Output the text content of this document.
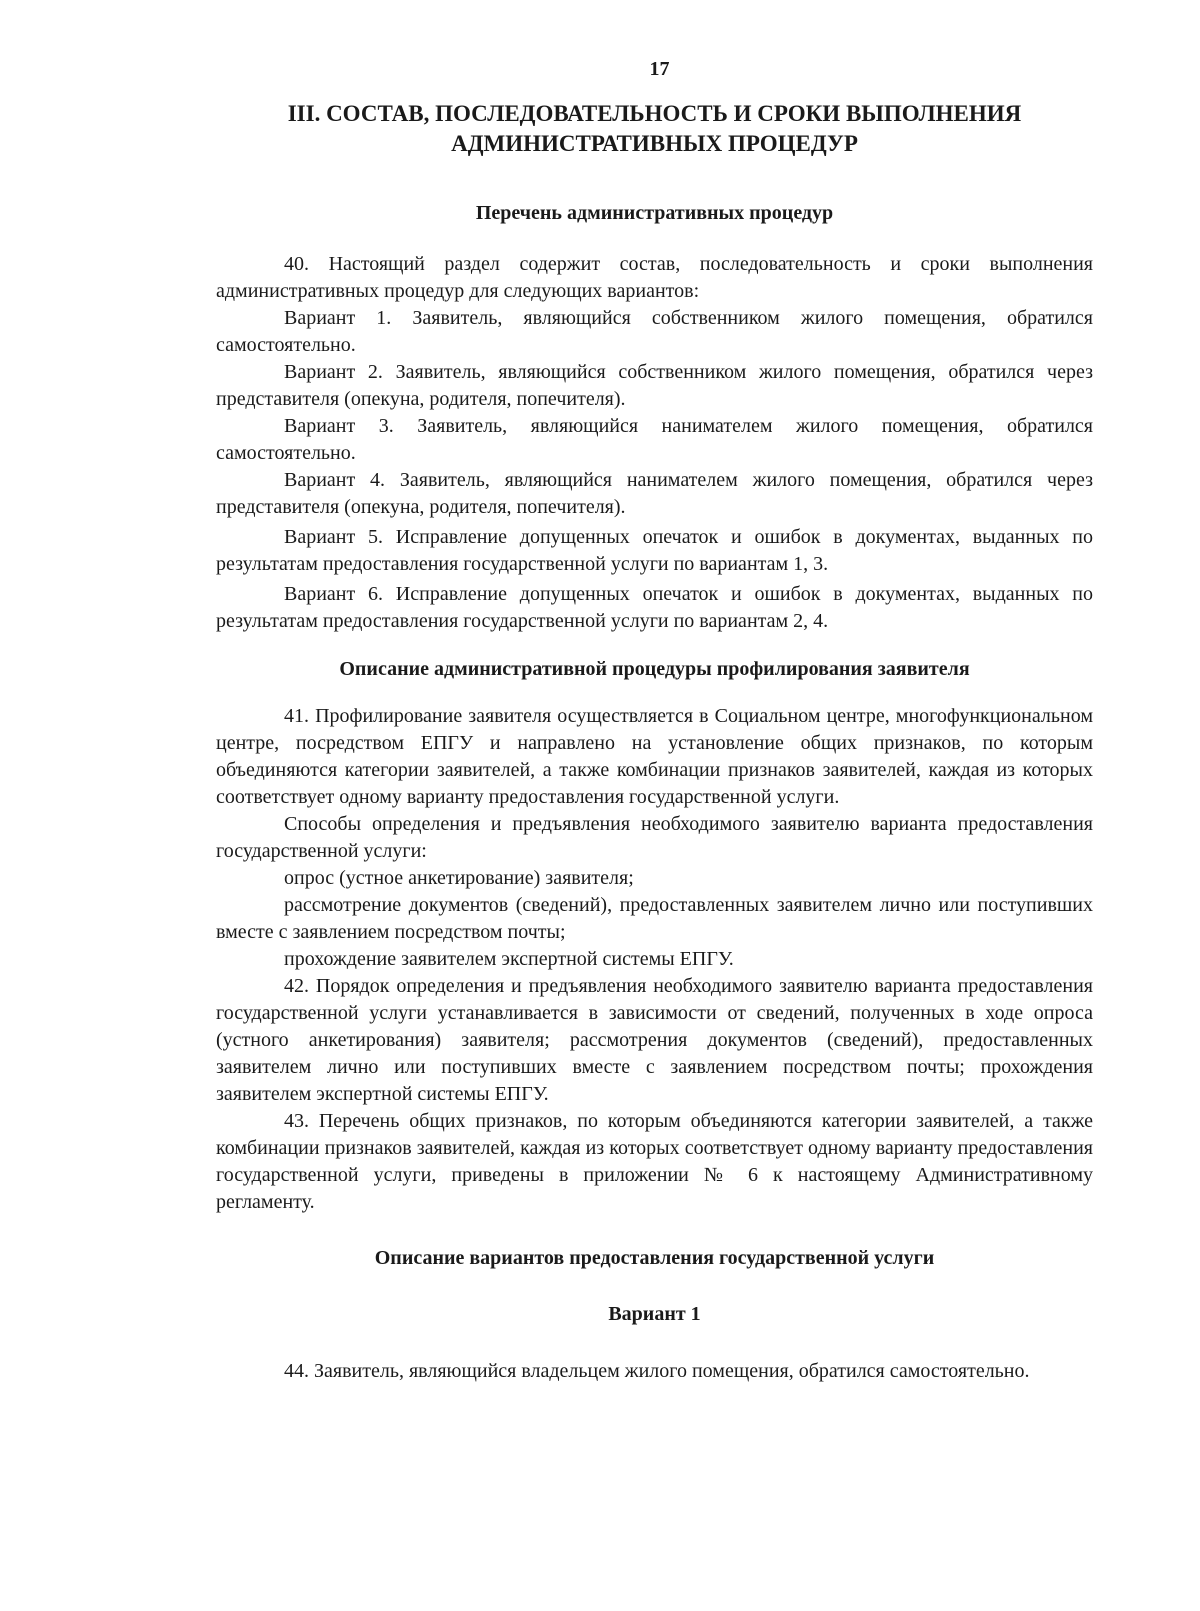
17
III. СОСТАВ, ПОСЛЕДОВАТЕЛЬНОСТЬ И СРОКИ ВЫПОЛНЕНИЯ
АДМИНИСТРАТИВНЫХ ПРОЦЕДУР
Перечень административных процедур

40. Настоящий раздел содержит состав, последовательность и сроки выполнения административных процедур для следующих вариантов:

Вариант 1. Заявитель, являющийся собственником жилого помещения, обратился самостоятельно.

Вариант 2. Заявитель, являющийся собственником жилого помещения, обратился через представителя (опекуна, родителя, попечителя).

Вариант 3. Заявитель, являющийся нанимателем жилого помещения, обратился самостоятельно.

Вариант 4. Заявитель, являющийся нанимателем жилого помещения, обратился через представителя (опекуна, родителя, попечителя).

Вариант 5. Исправление допущенных опечаток и ошибок в документах, выданных по результатам предоставления государственной услуги по вариантам 1, 3.

Вариант 6. Исправление допущенных опечаток и ошибок в документах, выданных по результатам предоставления государственной услуги по вариантам 2, 4.

Описание административной процедуры профилирования заявителя

41. Профилирование заявителя осуществляется в Социальном центре, многофункциональном центре, посредством ЕПГУ и направлено на установление общих признаков, по которым объединяются категории заявителей, а также комбинации признаков заявителей, каждая из которых соответствует одному варианту предоставления государственной услуги.

Способы определения и предъявления необходимого заявителю варианта предоставления государственной услуги:

опрос (устное анкетирование) заявителя;

рассмотрение документов (сведений), предоставленных заявителем лично или поступивших вместе с заявлением посредством почты;

прохождение заявителем экспертной системы ЕПГУ.

42. Порядок определения и предъявления необходимого заявителю варианта предоставления государственной услуги устанавливается в зависимости от сведений, полученных в ходе опроса (устного анкетирования) заявителя; рассмотрения документов (сведений), предоставленных заявителем лично или поступивших вместе с заявлением посредством почты; прохождения заявителем экспертной системы ЕПГУ.

43. Перечень общих признаков, по которым объединяются категории заявителей, а также комбинации признаков заявителей, каждая из которых соответствует одному варианту предоставления государственной услуги, приведены в приложении № 6 к настоящему Административному регламенту.

Описание вариантов предоставления государственной услуги
Вариант 1

44. Заявитель, являющийся владельцем жилого помещения, обратился самостоятельно.
